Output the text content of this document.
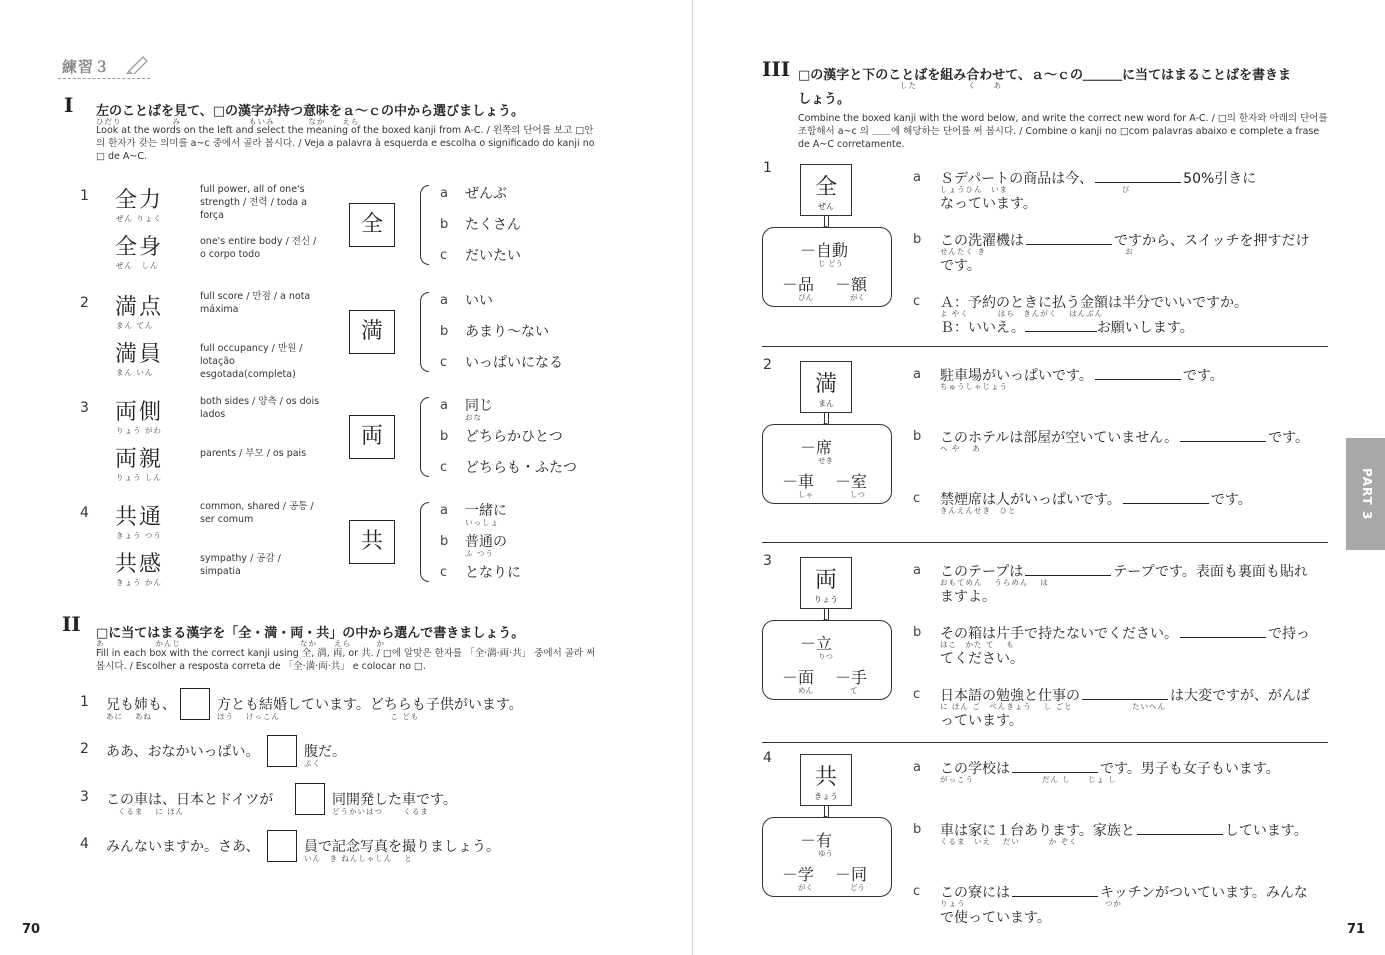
練習３
I 左のことばを見て、□の漢字が持つ意味をａ～ｃの中から選びましょう。
ひだり　　　　　　み　　　　　　　　もいみ　　　　なか　　えら
Look at the words on the left and select the meaning of the boxed kanji from A-C. / 왼쪽의 단어를 보고 □안의 한자가 갖는 의미를 a~c 중에서 골라 봅시다. / Veja a palavra à esquerda e escolha o significado do kanji no □ de A~C.
1 全力
ぜん りょく
full power, all of one's strength / 전력 / toda a força
全身
ぜん　しん
one's entire body / 전신 / o corpo todo
全
a ぜんぶ
b たくさん
c だいたい
2 満点
まん てん
full score / 만점 / a nota máxima
満員
まん いん
full occupancy / 만원 / lotação esgotada(completa)
満
a いい
b あまり～ない
c いっぱいになる
3 両側
りょう がわ
both sides / 양측 / os dois lados
両親
りょう しん
parents / 부모 / os pais
両
a 同じ
おな
b どちらかひとつ
c どちらも・ふたつ
4 共通
きょう つう
common, shared / 공통 / ser comum
共感
きょう かん
sympathy / 공감 / simpatia
共
a 一緒に
いっしょ
b 普通の
ふ つう
c となりに
II □に当てはまる漢字を「全・満・両・共」の中から選んで書きましょう。
あ　　　　　　かんじ　　　　　　　　　　　　　　なか　　えら　　　か
Fill in each box with the correct kanji using 全, 満, 両, or 共. / □에 알맞은 한자를 「全·満·両·共」 중에서 골라 써 봅시다. / Escolher a resposta correta de 「全·満·両·共」 e colocar no □.
1 兄も姉も、
あに　 あね
方とも結婚しています。どちらも子供がいます。
ほう　 けっこん　　　　　　　　　　　　　こ ども
2 ああ、おなかいっぱい。	腹だ。
ぷく
3 この車は、日本とドイツが
　 くるま　 に ほん
同開発した車です。
どうかいはつ　　 くるま
4 みんないますか。さあ、	員で記念写真を撮りましょう。
いん　き ねんしゃしん　 と
70
III □の漢字と下のことばを組み合わせて、ａ～ｃの＿＿＿に当てはまることばを書きま
した　　　　　　く　　あ
しょう。
Combine the boxed kanji with the word below, and write the correct new word for A-C. / □의 한자와 아래의 단어를 조합해서 a~c 의 ＿＿에 해당하는 단어를 써 봅시다. / Combine o kanji no □com palavras abaixo e complete a frase de A~C corretamente.
1
全
ぜん
－自動
じ どう
－品
ぴん
－額
がく
a Ｓデパートの商品は今、	50%引きに
なっています。
しょうひん　いま　　　　　　　　　　　　　 び
b この洗濯機は	ですから、スイッチを押すだけ
です。
せんたく き　　　　　　　　　　　　　　　　 お
c Ａ：予約のときに払う金額は半分でいいですか。
Ｂ：いいえ。	お願いします。
よ やく　　　 はら　きんがく　 はんぶん
2
満
まん
－席
せき
－車
しゃ
－室
しつ
a 駐車場がいっぱいです。	です。
ちゅうしゃじょう
b このホテルは部屋が空いていません。	です。
へ や　 あ
c 禁煙席は人がいっぱいです。	です。
きんえんせき　ひと
3
両
りょう
－立
りつ
－面
めん
－手
て
a このテープは	テープです。表面も裏面も貼れ
ますよ。
おもてめん　 うらめん　 は
b その箱は片手で持たないでください。	で持っ
てください。
はこ　かた て　 も
c 日本語の勉強と仕事の	は大変ですが、がんば
っています。
に ほん ご　べんきょう　 し ごと　　　　　　　たいへん
4
共
きょう
－有
ゆう
－学
がく
－同
どう
a この学校は	です。男子も女子もいます。
がっこう　　　　　　　　だん し　　じょ し
b 車は家に１台あります。家族と	しています。
くるま　いえ　 だい　　　 か ぞく
c この寮には	キッチンがついています。みんな
で使っています。
りょう　　　　　　　　　　　　　　　　 つか
PART 3
71
